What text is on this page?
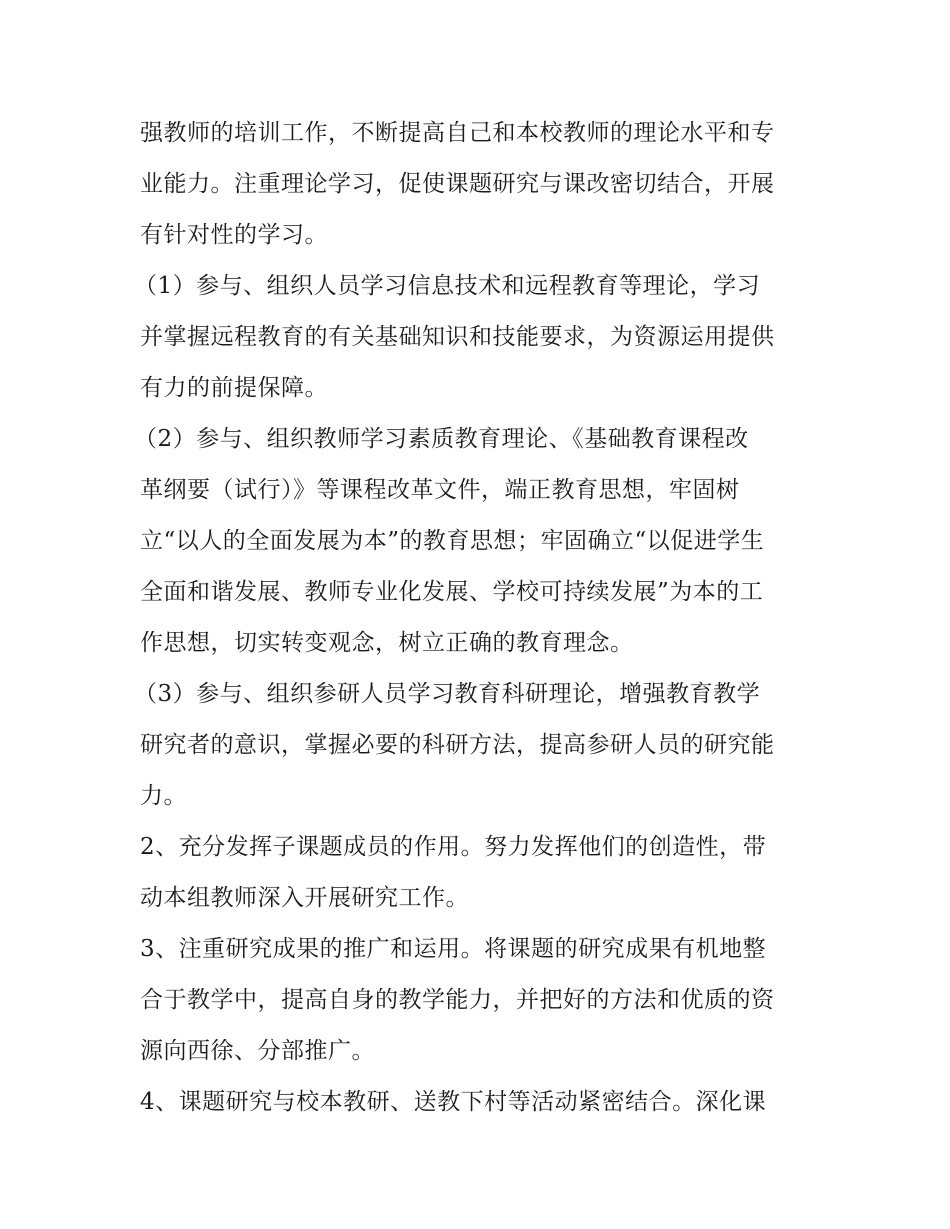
强教师的培训工作，不断提高自己和本校教师的理论水平和专
业能力。注重理论学习，促使课题研究与课改密切结合，开展
有针对性的学习。
（1）参与、组织人员学习信息技术和远程教育等理论，学习
并掌握远程教育的有关基础知识和技能要求，为资源运用提供
有力的前提保障。
（2）参与、组织教师学习素质教育理论、《基础教育课程改
革纲要（试行）》等课程改革文件，端正教育思想，牢固树
立“以人的全面发展为本”的教育思想；牢固确立“以促进学生
全面和谐发展、教师专业化发展、学校可持续发展”为本的工
作思想，切实转变观念，树立正确的教育理念。
（3）参与、组织参研人员学习教育科研理论，增强教育教学
研究者的意识，掌握必要的科研方法，提高参研人员的研究能
力。
2、充分发挥子课题成员的作用。努力发挥他们的创造性，带
动本组教师深入开展研究工作。
3、注重研究成果的推广和运用。将课题的研究成果有机地整
合于教学中，提高自身的教学能力，并把好的方法和优质的资
源向西徐、分部推广。
4、课题研究与校本教研、送教下村等活动紧密结合。深化课
